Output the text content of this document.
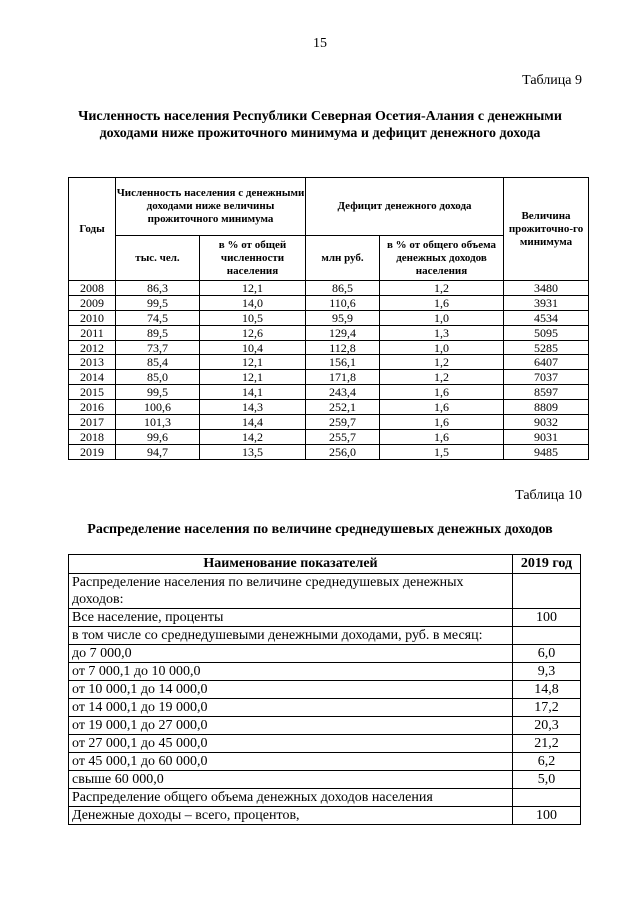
15
Таблица 9
Численность населения Республики Северная Осетия-Алания с денежными доходами ниже прожиточного минимума и дефицит денежного дохода
Годы	Численность населения с денежными доходами ниже величины прожиточного минимума		Дефицит денежного дохода		Величина прожиточно-го минимума
	тыс. чел.	в % от общей численности населения	млн руб.	в % от общего объема денежных доходов населения	
2008	86,3	12,1	86,5	1,2	3480
2009	99,5	14,0	110,6	1,6	3931
2010	74,5	10,5	95,9	1,0	4534
2011	89,5	12,6	129,4	1,3	5095
2012	73,7	10,4	112,8	1,0	5285
2013	85,4	12,1	156,1	1,2	6407
2014	85,0	12,1	171,8	1,2	7037
2015	99,5	14,1	243,4	1,6	8597
2016	100,6	14,3	252,1	1,6	8809
2017	101,3	14,4	259,7	1,6	9032
2018	99,6	14,2	255,7	1,6	9031
2019	94,7	13,5	256,0	1,5	9485
Таблица 10
Распределение населения по величине среднедушевых денежных доходов
Наименование показателей	2019 год
Распределение населения по величине среднедушевых денежных доходов:	
Все население, проценты	100
в том числе со среднедушевыми денежными доходами, руб. в месяц:	
до 7 000,0	6,0
от 7 000,1 до 10 000,0	9,3
от 10 000,1 до 14 000,0	14,8
от 14 000,1 до 19 000,0	17,2
от 19 000,1 до 27 000,0	20,3
от 27 000,1 до 45 000,0	21,2
от 45 000,1 до 60 000,0	6,2
свыше 60 000,0	5,0
Распределение общего объема денежных доходов населения	
Денежные доходы – всего, процентов,	100
